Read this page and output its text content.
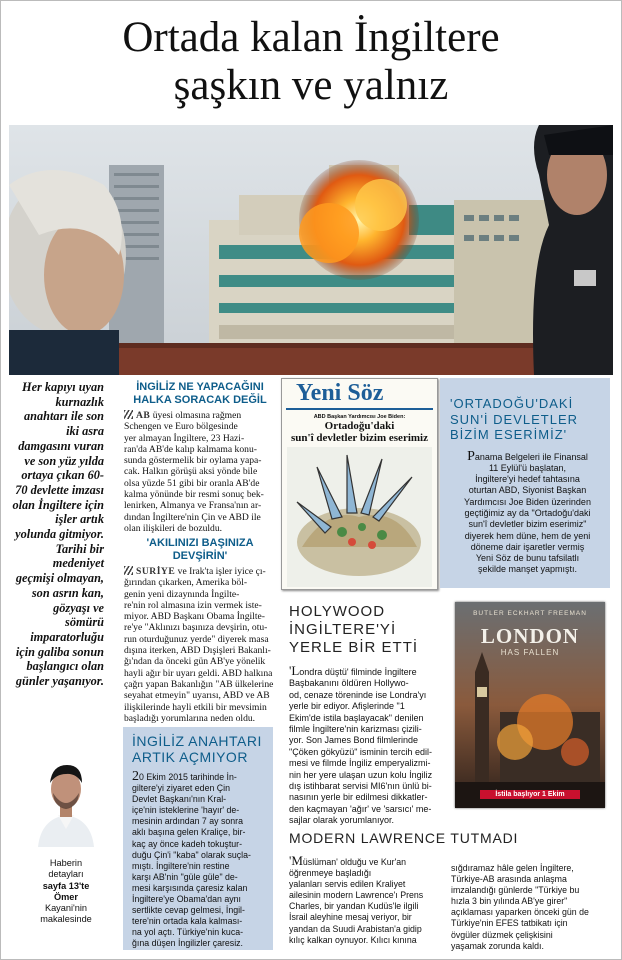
Ortada kalan İngiltere
şaşkın ve yalnız
Her kapıyı uyan kurnazlık anahtarı ile son iki asra damgasını vuran ve son yüz yılda ortaya çıkan 60-70 devlette imzası olan İngiltere için işler artık yolunda gitmiyor. Tarihi bir medeniyet geçmişi olmayan, son asrın kan, gözyaşı ve sömürü imparatorluğu için galiba sonun başlangıcı olan günler yaşanıyor.
İNGİLİZ NE YAPACAĞINI
HALKA SORACAK DEĞİL
AB üyesi olmasına rağmen
Schengen ve Euro bölgesinde
yer almayan İngiltere, 23 Hazi-
ran'da AB'de kalıp kalmama konu-
sunda göstermelik bir oylama yapa-
cak. Halkın görüşü aksi yönde bile
olsa yüzde 51 gibi bir oranla AB'de
kalma yönünde bir resmi sonuç bek-
lenirken, Almanya ve Fransa'nın ar-
dından İngiltere'nin Çin ve ABD ile
olan ilişkileri de bozuldu.
'AKILINIZI BAŞINIZA
DEVŞİRİN'
SURİYE ve Irak'ta işler iyice çı-
ğırından çıkarken, Amerika böl-
genin yeni dizaynında İngilte-
re'nin rol almasına izin vermek iste-
miyor. ABD Başkanı Obama İngilte-
re'ye "Aklınızı başınıza devşirin, otu-
run oturduğunuz yerde" diyerek masa
dışına iterken, ABD Dışişleri Bakanlı-
ğı'ndan da önceki gün AB'ye yönelik
hayli ağır bir uyarı geldi. ABD halkına
çağrı yapan Bakanlığın "AB ülkelerine
seyahat etmeyin" uyarısı, ABD ve AB
ilişkilerinde hayli etkili bir mevsimin
başladığı yorumlarına neden oldu.
Yeni Söz
ABD Başkan Yardımcısı Joe Biden:
Ortadoğu'daki
sun'î devletler bizim eserimiz
'ORTADOĞU'DAKİ
SUN'İ DEVLETLER
BİZİM ESERİMİZ'
Panama Belgeleri ile Finansal
11 Eylül'ü başlatan,
İngiltere'yi hedef tahtasına
oturtan ABD, Siyonist Başkan
Yardımcısı Joe Biden üzerinden
geçtiğimiz ay da "Ortadoğu'daki
sun'î devletler bizim eserimiz"
diyerek hem düne, hem de yeni
döneme dair işaretler vermiş
Yeni Söz de bunu tafsilatlı
şekilde manşet yapmıştı.
HOLYWOOD
İNGİLTERE'Yİ
YERLE BİR ETTİ
'Londra düştü' filminde İngiltere
Başbakanını öldüren Hollywo-
od, cenaze töreninde ise Londra'yı
yerle bir ediyor. Afişlerinde "1
Ekim'de istila başlayacak" denilen
filmle İngiltere'nin karizması çizili-
yor. Son James Bond filmlerinde
"Çöken gökyüzü" isminin tercih edil-
mesi ve filmde İngiliz emperyalizmi-
nin her yere ulaşan uzun kolu İngiliz
dış istihbarat servisi MI6'nın ünlü bi-
nasının yerle bir edilmesi dikkatler-
den kaçmayan 'ağır' ve 'sarsıcı' me-
sajlar olarak yorumlanıyor.
BUTLER ECKHART FREEMAN
LONDON
HAS FALLEN
İstila başlıyor 1 Ekim
İNGİLİZ ANAHTARI
ARTIK AÇMIYOR
20 Ekim 2015 tarihinde İn-
giltere'yi ziyaret eden Çin
Devlet Başkanı'nın Kral-
içe'nin isteklerine 'hayır' de-
mesinin ardından 7 ay sonra
aklı başına gelen Kraliçe, bir-
kaç ay önce kadeh tokuştur-
duğu Çin'i "kaba" olarak suçla-
mıştı. İngiltere'nin restine
karşı AB'nin "güle güle" de-
mesi karşısında çaresiz kalan
İngiltere'ye Obama'dan aynı
sertlikte cevap gelmesi, İngil-
tere'nin ortada kala kalması-
na yol açtı. Türkiye'nin kuca-
ğına düşen İngilizler çaresiz.
Haberin
detayları
sayfa 13'te
Ömer
Kayani'nin
makalesinde
MODERN LAWRENCE TUTMADI
'Müslüman' olduğu ve Kur'an
öğrenmeye başladığı
yalanları servis edilen Kraliyet
ailesinin modern Lawrence'ı Prens
Charles, bir yandan Kudüs'le ilgili
İsrail aleyhine mesaj veriyor, bir
yandan da Suudi Arabistan'a gidip
kılıç kalkan oynuyor. Kılıcı kınına
sığdıramaz hâle gelen İngiltere,
Türkiye-AB arasında anlaşma
imzalandığı günlerde "Türkiye bu
hızla 3 bin yılında AB'ye girer"
açıklaması yaparken önceki gün de
Türkiye'nin EFES tatbikatı için
övgüler düzmek çelişkisini
yaşamak zorunda kaldı.
